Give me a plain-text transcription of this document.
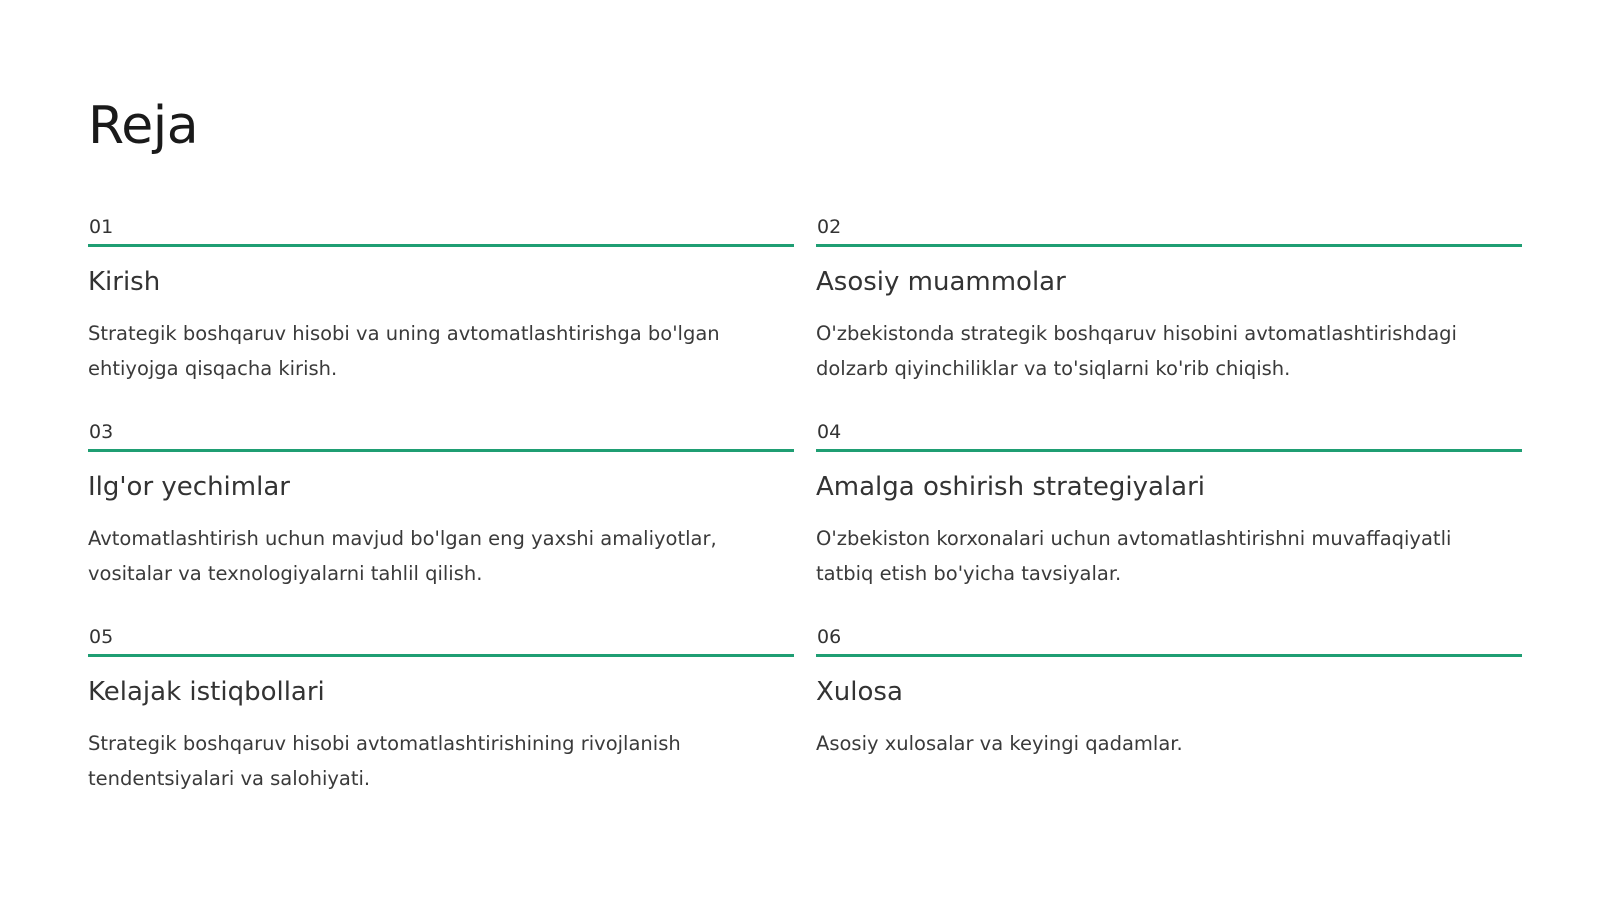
Reja
01
Kirish

Strategik boshqaruv hisobi va uning avtomatlashtirishga bo'lgan ehtiyojga qisqacha kirish.

02
Asosiy muammolar

O'zbekistonda strategik boshqaruv hisobini avtomatlashtirishdagi dolzarb qiyinchiliklar va to'siqlarni ko'rib chiqish.

03
Ilg'or yechimlar

Avtomatlashtirish uchun mavjud bo'lgan eng yaxshi amaliyotlar, vositalar va texnologiyalarni tahlil qilish.

04
Amalga oshirish strategiyalari

O'zbekiston korxonalari uchun avtomatlashtirishni muvaffaqiyatli tatbiq etish bo'yicha tavsiyalar.

05
Kelajak istiqbollari

Strategik boshqaruv hisobi avtomatlashtirishining rivojlanish tendentsiyalari va salohiyati.

06
Xulosa

Asosiy xulosalar va keyingi qadamlar.
